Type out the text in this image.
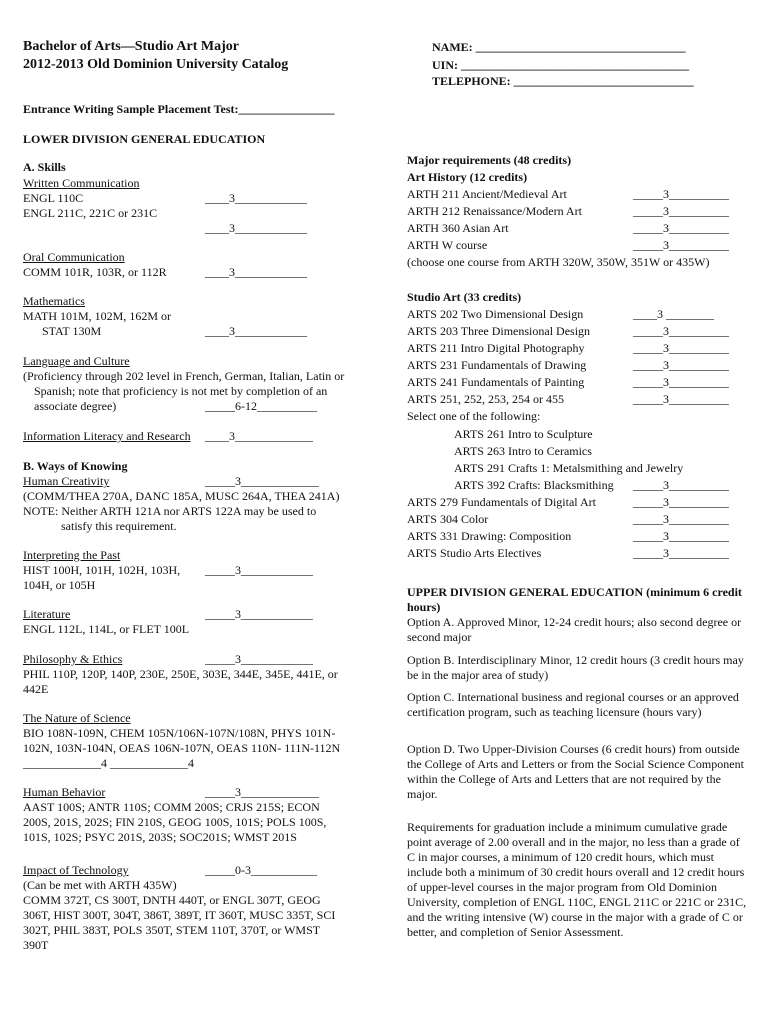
Bachelor of Arts—Studio Art Major
2012-2013 Old Dominion University Catalog
NAME: ___________________________________
UIN: ______________________________________
TELEPHONE: ______________________________
Entrance Writing Sample Placement Test:________________
LOWER DIVISION GENERAL EDUCATION
A. Skills
Written Communication
ENGL 110C	____3____________
ENGL 211C, 221C or 231C
____3____________
Oral Communication
COMM 101R, 103R, or 112R	____3____________
Mathematics
MATH 101M, 102M, 162M or
STAT 130M	____3____________
Language and Culture
(Proficiency through 202 level in French, German, Italian, Latin or
Spanish; note that proficiency is not met by completion of an
associate degree)	_____6-12__________
Information Literacy and Research ____3_____________
B. Ways of Knowing
Human Creativity	_____3_____________
(COMM/THEA 270A, DANC 185A, MUSC 264A, THEA 241A)
NOTE: Neither ARTH 121A nor ARTS 122A may be used to
satisfy this requirement.
Interpreting the Past
HIST 100H, 101H, 102H, 103H, _____3____________
104H, or 105H
Literature	_____3____________
ENGL 112L, 114L, or FLET 100L
Philosophy & Ethics	_____3____________
PHIL 110P, 120P, 140P, 230E, 250E, 303E, 344E, 345E, 441E, or
442E
The Nature of Science
BIO 108N-109N, CHEM 105N/106N-107N/108N, PHYS 101N-
102N, 103N-104N, OEAS 106N-107N, OEAS 110N- 111N-112N
_____________4 _____________4
Human Behavior	_____3_____________
AAST 100S; ANTR 110S; COMM 200S; CRJS 215S; ECON
200S, 201S, 202S; FIN 210S, GEOG 100S, 101S; POLS 100S,
101S, 102S; PSYC 201S, 203S; SOC201S; WMST 201S
Impact of Technology	_____0-3___________
(Can be met with ARTH 435W)
COMM 372T, CS 300T, DNTH 440T, or ENGL 307T, GEOG
306T, HIST 300T, 304T, 386T, 389T, IT 360T, MUSC 335T, SCI
302T, PHIL 383T, POLS 350T, STEM 110T, 370T, or WMST
390T
Major requirements (48 credits)
Art History (12 credits)
ARTH 211 Ancient/Medieval Art	_____3__________
ARTH 212 Renaissance/Modern Art	_____3__________
ARTH 360 Asian Art	_____3__________
ARTH W course	_____3__________
(choose one course from ARTH 320W, 350W, 351W or 435W)
Studio Art (33 credits)
ARTS 202 Two Dimensional Design	____3 ________
ARTS 203 Three Dimensional Design	_____3__________
ARTS 211 Intro Digital Photography	_____3__________
ARTS 231 Fundamentals of Drawing	_____3__________
ARTS 241 Fundamentals of Painting	_____3__________
ARTS 251, 252, 253, 254 or 455	_____3__________
Select one of the following:
ARTS 261 Intro to Sculpture
ARTS 263 Intro to Ceramics
ARTS 291 Crafts 1: Metalsmithing and Jewelry
ARTS 392 Crafts: Blacksmithing _____3__________
ARTS 279 Fundamentals of Digital Art	_____3__________
ARTS 304 Color	_____3__________
ARTS 331 Drawing: Composition	_____3__________
ARTS Studio Arts Electives	_____3__________
UPPER DIVISION GENERAL EDUCATION (minimum 6 credit hours)
Option A. Approved Minor, 12-24 credit hours; also second degree or second major
Option B. Interdisciplinary Minor, 12 credit hours (3 credit hours may be in the major area of study)
Option C. International business and regional courses or an approved certification program, such as teaching licensure (hours vary)
Option D. Two Upper-Division Courses (6 credit hours) from outside the College of Arts and Letters or from the Social Science Component within the College of Arts and Letters that are not required by the major.
Requirements for graduation include a minimum cumulative grade point average of 2.00 overall and in the major, no less than a grade of C in major courses, a minimum of 120 credit hours, which must include both a minimum of 30 credit hours overall and 12 credit hours of upper-level courses in the major program from Old Dominion University, completion of ENGL 110C, ENGL 211C or 221C or 231C, and the writing intensive (W) course in the major with a grade of C or better, and completion of Senior Assessment.
